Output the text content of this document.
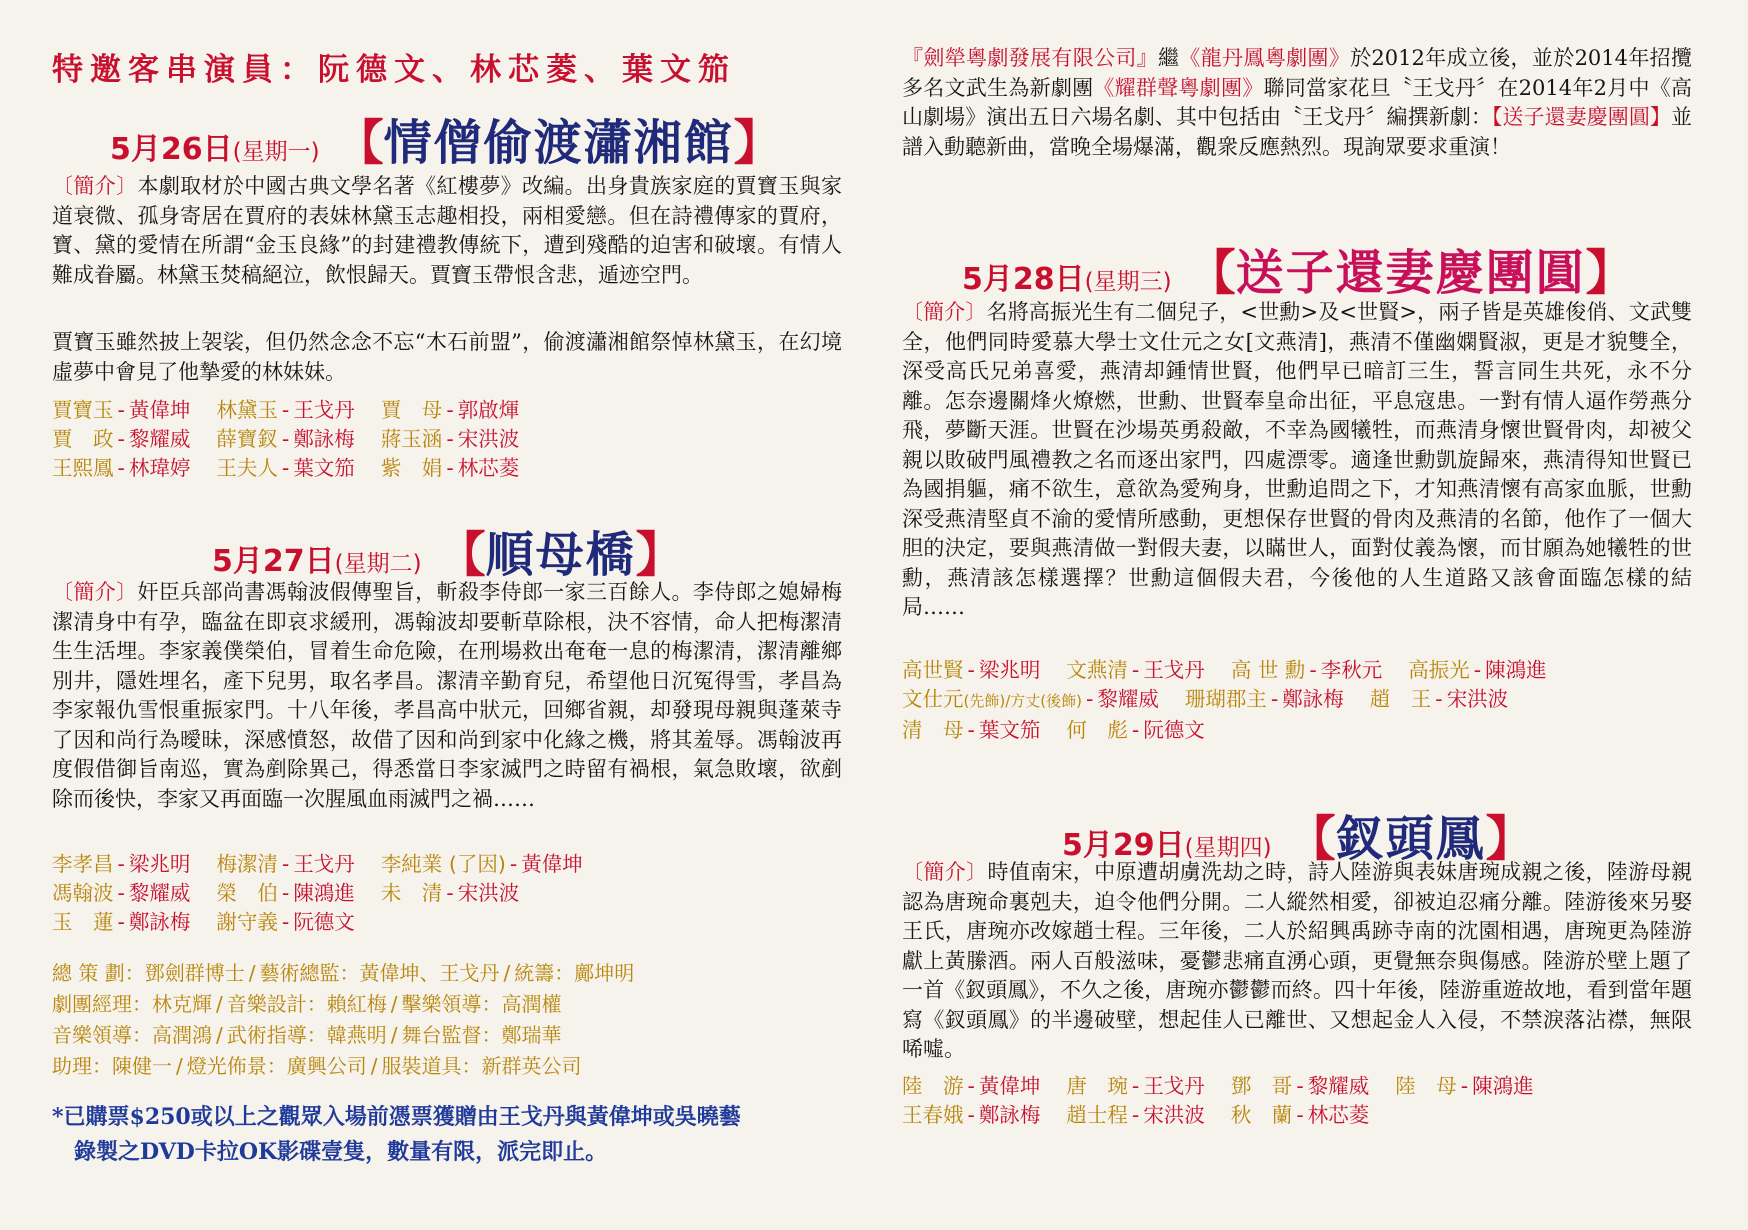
特邀客串演員：阮德文、林芯菱、葉文笳
5月26日 (星期一) 【 情僧偷渡瀟湘館 】
〔簡介〕本劇取材於中國古典文學名著《紅樓夢》改編。出身貴族家庭的賈寶玉與家道衰微、孤身寄居在賈府的表妹林黛玉志趣相投，兩相愛戀。但在詩禮傳家的賈府，寶、黛的愛情在所謂“金玉良緣”的封建禮教傳統下，遭到殘酷的迫害和破壞。有情人難成眷屬。林黛玉焚稿絕泣，飲恨歸天。賈寶玉帶恨含悲，遁迹空門。
賈寶玉雖然披上袈裟，但仍然念念不忘“木石前盟”，偷渡瀟湘館祭悼林黛玉，在幻境虛夢中會見了他摯愛的林妹妹。
賈寶玉 - 黃偉坤 林黛玉 - 王戈丹 賈　母 - 郭啟煇
賈　政 - 黎耀威 薛寶釵 - 鄭詠梅 蔣玉涵 - 宋洪波
王熙鳳 - 林瑋婷 王夫人 - 葉文笳 紫　娟 - 林芯菱
5月27日 (星期二) 【 順母橋 】
〔簡介〕奸臣兵部尚書馮翰波假傳聖旨，斬殺李侍郎一家三百餘人。李侍郎之媳婦梅潔清身中有孕，臨盆在即哀求緩刑，馮翰波却要斬草除根，決不容情，命人把梅潔清生生活埋。李家義僕榮伯，冒着生命危險，在刑場救出奄奄一息的梅潔清，潔清離鄉別井，隱姓埋名，產下兒男，取名孝昌。潔清辛勤育兒，希望他日沉冤得雪，孝昌為李家報仇雪恨重振家門。十八年後，孝昌高中狀元，回鄉省親，却發現母親與蓬萊寺了因和尚行為曖昧，深感憤怒，故借了因和尚到家中化緣之機，將其羞辱。馮翰波再度假借御旨南巡，實為剷除異己，得悉當日李家滅門之時留有禍根，氣急敗壞，欲剷除而後快，李家又再面臨一次腥風血雨滅門之禍……
李孝昌 - 梁兆明 梅潔清 - 王戈丹 李純業 (了因) - 黃偉坤
馮翰波 - 黎耀威 榮　伯 - 陳鴻進 未　清 - 宋洪波
玉　蓮 - 鄭詠梅 謝守義 - 阮德文
總 策 劃：鄧劍群博士 / 藝術總監：黃偉坤、王戈丹 / 統籌：鄺坤明
劇團經理：林克輝 / 音樂設計：賴紅梅 / 擊樂領導：高潤權
音樂領導：高潤鴻 / 武術指導：韓燕明 / 舞台監督：鄭瑞華
助理：陳健一 / 燈光佈景：廣興公司 / 服裝道具：新群英公司
*已購票$250或以上之觀眾入場前憑票獲贈由王戈丹與黃偉坤或吳曉藝
錄製之DVD卡拉OK影碟壹隻，數量有限，派完即止。
『劍犖粵劇發展有限公司』繼《龍丹鳳粵劇團》於2012年成立後，並於2014年招攬多名文武生為新劇團《耀群聲粵劇團》聯同當家花旦〝王戈丹〞在2014年2月中《高山劇場》演出五日六場名劇、其中包括由〝王戈丹〞編撰新劇：【送子還妻慶團圓】並譜入動聽新曲，當晚全場爆滿，觀衆反應熱烈。現詢眾要求重演！
5月28日 (星期三) 【 送子還妻慶團圓 】
〔簡介〕名將高振光生有二個兒子，<世勳>及<世賢>，兩子皆是英雄俊俏、文武雙全，他們同時愛慕大學士文仕元之女[文燕清]，燕清不僅幽嫻賢淑，更是才貌雙全，深受高氏兄弟喜愛，燕清却鍾情世賢，他們早已暗訂三生，誓言同生共死，永不分離。怎奈邊關烽火燎燃，世勳、世賢奉皇命出征，平息寇患。一對有情人逼作勞燕分飛，夢斷天涯。世賢在沙場英勇殺敵，不幸為國犧牲，而燕清身懷世賢骨肉，却被父親以敗破門風禮教之名而逐出家門，四處漂零。適逢世勳凱旋歸來，燕清得知世賢已為國捐軀，痛不欲生，意欲為愛殉身，世勳追問之下，才知燕清懷有高家血脈，世勳深受燕清堅貞不渝的愛情所感動，更想保存世賢的骨肉及燕清的名節，他作了一個大胆的決定，要與燕清做一對假夫妻，以瞞世人，面對仗義為懷，而甘願為她犧牲的世勳，燕清該怎樣選擇？世勳這個假夫君，今後他的人生道路又該會面臨怎樣的結局……
高世賢 - 梁兆明 文燕清 - 王戈丹 高 世 勳 - 李秋元 高振光 - 陳鴻進
文仕元(先飾)/方丈(後飾) - 黎耀威 珊瑚郡主 - 鄭詠梅 趙　王 - 宋洪波
清　母 - 葉文笳 何　彪 - 阮德文
5月29日 (星期四) 【 釵頭鳳 】
〔簡介〕時值南宋，中原遭胡虜洗劫之時，詩人陸游與表妹唐琬成親之後，陸游母親認為唐琬命裏剋夫，迫令他們分開。二人縱然相愛，卻被迫忍痛分離。陸游後來另娶王氏，唐琬亦改嫁趙士程。三年後，二人於紹興禹跡寺南的沈園相遇，唐琬更為陸游獻上黃縢酒。兩人百般滋味，憂鬱悲痛直湧心頭，更覺無奈與傷感。陸游於壁上題了一首《釵頭鳳》，不久之後，唐琬亦鬱鬱而終。四十年後，陸游重遊故地，看到當年題寫《釵頭鳳》的半邊破壁，想起佳人已離世、又想起金人入侵，不禁淚落沾襟，無限唏噓。
陸　游 - 黃偉坤 唐　琬 - 王戈丹 鄧　哥 - 黎耀威 陸　母 - 陳鴻進
王春娥 - 鄭詠梅 趙士程 - 宋洪波 秋　蘭 - 林芯菱
